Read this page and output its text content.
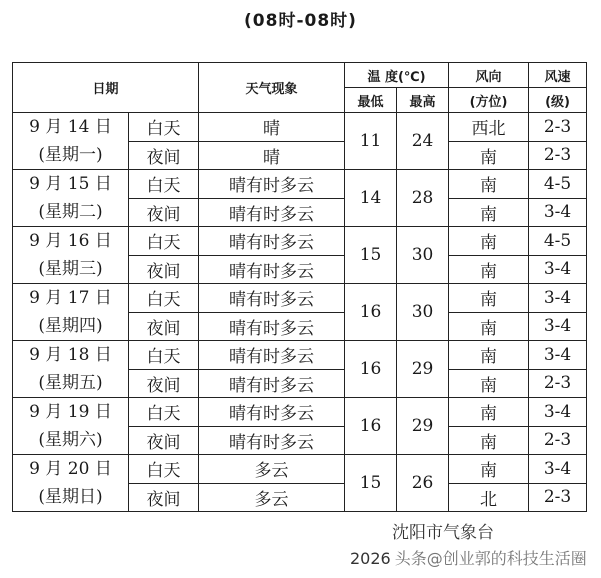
(08时-08时)
日期		天气现象	温 度(℃)		风向	风速
			最低	最高	(方位)	(级)

9 月 14 日
(星期一)	白天	晴	11	24	西北	2-3
	夜间	晴			南	2-3

9 月 15 日
(星期二)	白天	晴有时多云	14	28	南	4-5
	夜间	晴有时多云			南	3-4

9 月 16 日
(星期三)	白天	晴有时多云	15	30	南	4-5
	夜间	晴有时多云			南	3-4

9 月 17 日
(星期四)	白天	晴有时多云	16	30	南	3-4
	夜间	晴有时多云			南	3-4

9 月 18 日
(星期五)	白天	晴有时多云	16	29	南	3-4
	夜间	晴有时多云			南	2-3

9 月 19 日
(星期六)	白天	晴有时多云	16	29	南	3-4
	夜间	晴有时多云			南	2-3

9 月 20 日
(星期日)	白天	多云	15	26	南	3-4
	夜间	多云			北	2-3
沈阳市气象台
2026 头条@创业郭的科技生活圈
